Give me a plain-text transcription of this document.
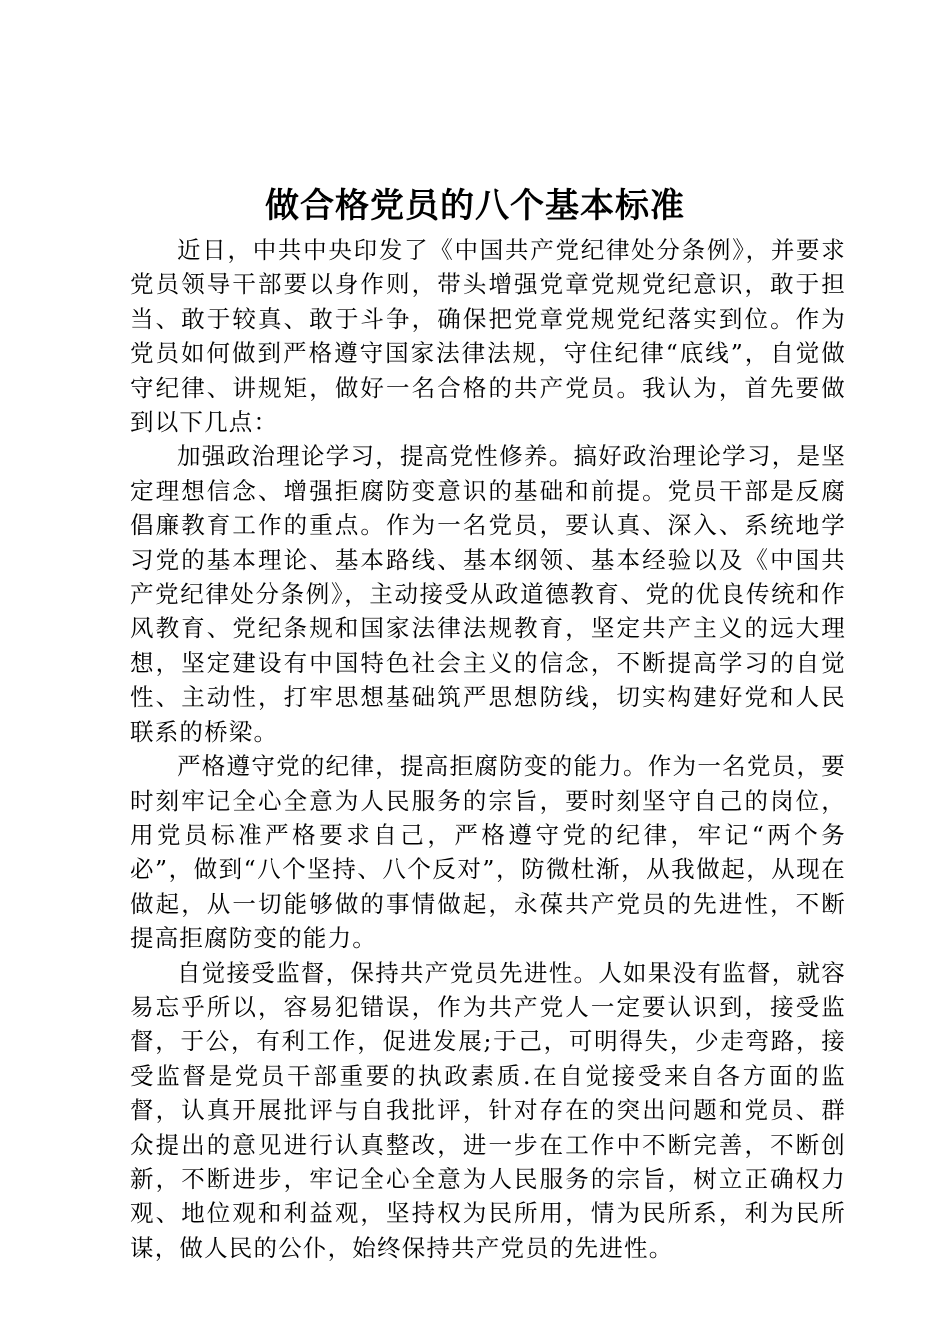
做合格党员的八个基本标准

近日，中共中央印发了《中国共产党纪律处分条例》，并要求党员领导干部要以身作则，带头增强党章党规党纪意识，敢于担当、敢于较真、敢于斗争，确保把党章党规党纪落实到位。作为党员如何做到严格遵守国家法律法规，守住纪律“底线”，自觉做守纪律、讲规矩，做好一名合格的共产党员。我认为，首先要做到以下几点：

加强政治理论学习，提高党性修养。搞好政治理论学习，是坚定理想信念、增强拒腐防变意识的基础和前提。党员干部是反腐倡廉教育工作的重点。作为一名党员，要认真、深入、系统地学习党的基本理论、基本路线、基本纲领、基本经验以及《中国共产党纪律处分条例》，主动接受从政道德教育、党的优良传统和作风教育、党纪条规和国家法律法规教育，坚定共产主义的远大理想，坚定建设有中国特色社会主义的信念，不断提高学习的自觉性、主动性，打牢思想基础筑严思想防线，切实构建好党和人民联系的桥梁。

严格遵守党的纪律，提高拒腐防变的能力。作为一名党员，要时刻牢记全心全意为人民服务的宗旨，要时刻坚守自己的岗位，用党员标准严格要求自己，严格遵守党的纪律，牢记“两个务必”，做到“八个坚持、八个反对”，防微杜渐，从我做起，从现在做起，从一切能够做的事情做起，永葆共产党员的先进性，不断提高拒腐防变的能力。

自觉接受监督，保持共产党员先进性。人如果没有监督，就容易忘乎所以，容易犯错误，作为共产党人一定要认识到，接受监督，于公，有利工作，促进发展;于己，可明得失，少走弯路，接受监督是党员干部重要的执政素质.在自觉接受来自各方面的监督，认真开展批评与自我批评，针对存在的突出问题和党员、群众提出的意见进行认真整改，进一步在工作中不断完善，不断创新，不断进步，牢记全心全意为人民服务的宗旨，树立正确权力观、地位观和利益观，坚持权为民所用，情为民所系，利为民所谋，做人民的公仆，始终保持共产党员的先进性。
